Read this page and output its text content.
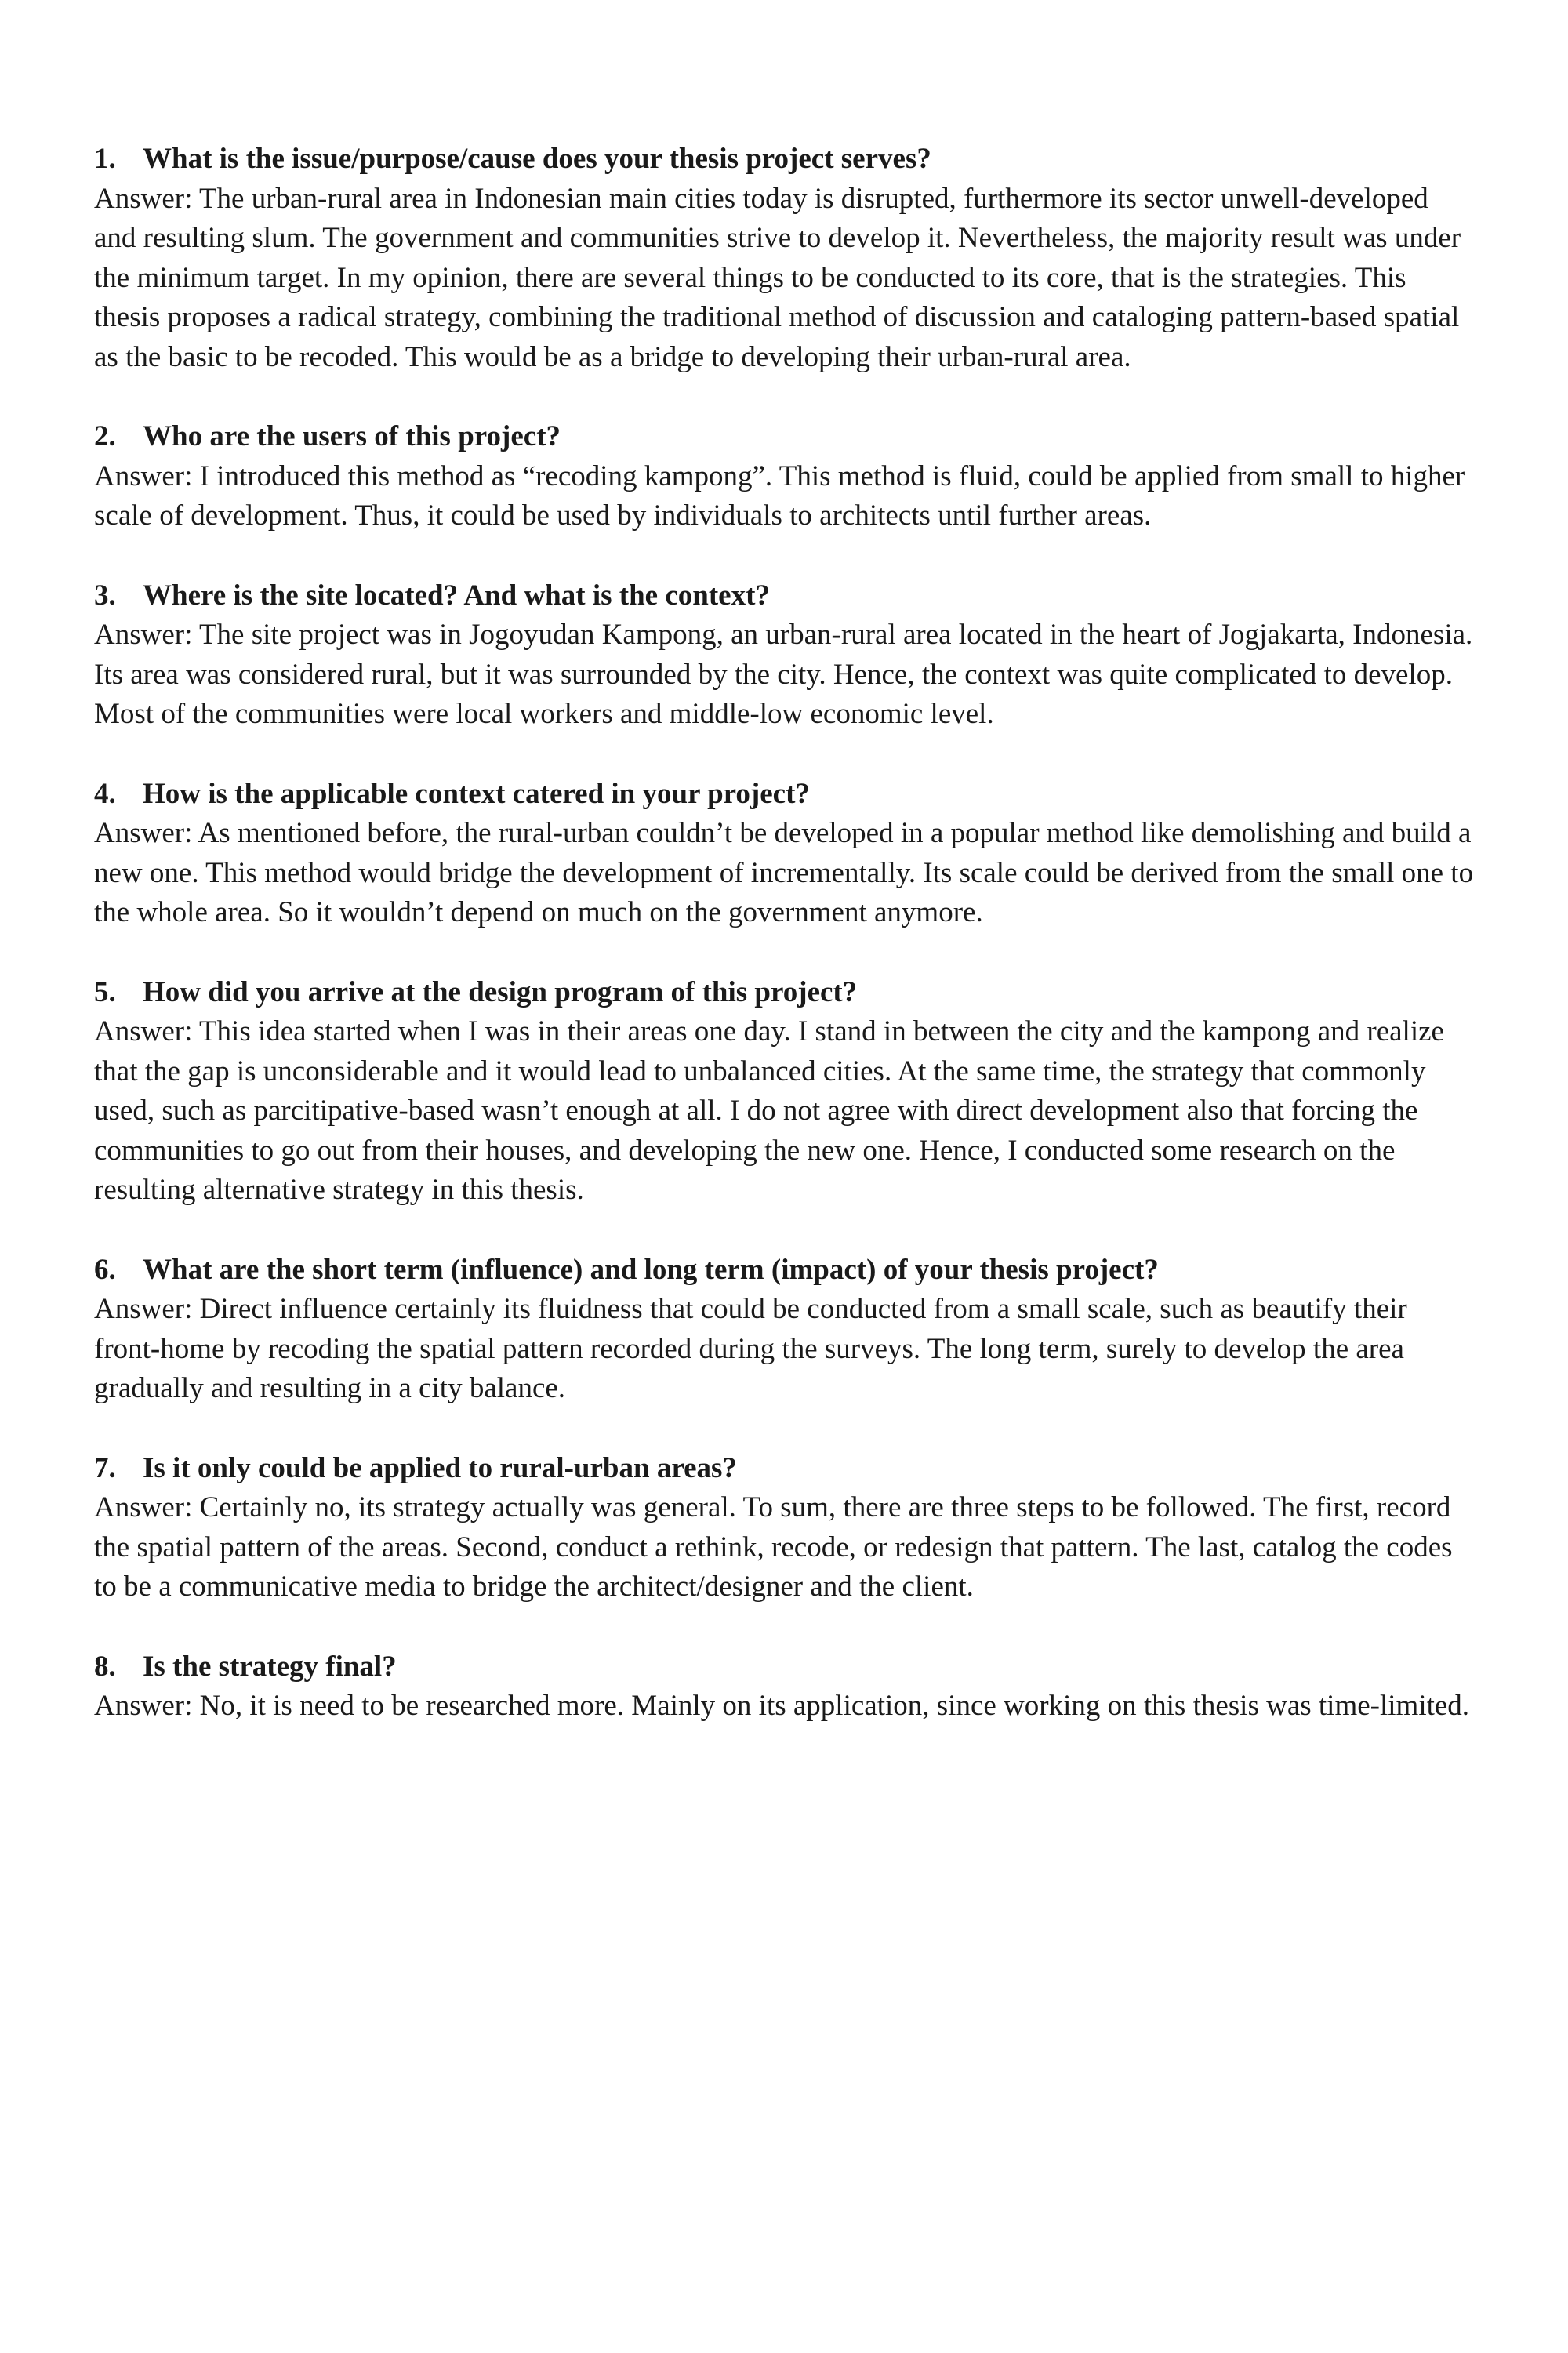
1. What is the issue/purpose/cause does your thesis project serves?

Answer: The urban-rural area in Indonesian main cities today is disrupted, furthermore its sector unwell-developed and resulting slum. The government and communities strive to develop it. Nevertheless, the majority result was under the minimum target. In my opinion, there are several things to be conducted to its core, that is the strategies. This thesis proposes a radical strategy, combining the traditional method of discussion and cataloging pattern-based spatial as the basic to be recoded. This would be as a bridge to developing their urban-rural area.

2. Who are the users of this project?

Answer: I introduced this method as “recoding kampong”. This method is fluid, could be applied from small to higher scale of development. Thus, it could be used by individuals to architects until further areas.

3. Where is the site located? And what is the context?

Answer: The site project was in Jogoyudan Kampong, an urban-rural area located in the heart of Jogjakarta, Indonesia. Its area was considered rural, but it was surrounded by the city. Hence, the context was quite complicated to develop. Most of the communities were local workers and middle-low economic level.

4. How is the applicable context catered in your project?

Answer: As mentioned before, the rural-urban couldn’t be developed in a popular method like demolishing and build a new one. This method would bridge the development of incrementally. Its scale could be derived from the small one to the whole area. So it wouldn’t depend on much on the government anymore.

5. How did you arrive at the design program of this project?

Answer: This idea started when I was in their areas one day. I stand in between the city and the kampong and realize that the gap is unconsiderable and it would lead to unbalanced cities. At the same time, the strategy that commonly used, such as parcitipative-based wasn’t enough at all. I do not agree with direct development also that forcing the communities to go out from their houses, and developing the new one. Hence, I conducted some research on the resulting alternative strategy in this thesis.

6. What are the short term (influence) and long term (impact) of your thesis project?

Answer: Direct influence certainly its fluidness that could be conducted from a small scale, such as beautify their front-home by recoding the spatial pattern recorded during the surveys. The long term, surely to develop the area gradually and resulting in a city balance.

7. Is it only could be applied to rural-urban areas?

Answer: Certainly no, its strategy actually was general. To sum, there are three steps to be followed. The first, record the spatial pattern of the areas. Second, conduct a rethink, recode, or redesign that pattern. The last, catalog the codes to be a communicative media to bridge the architect/designer and the client.

8. Is the strategy final?

Answer: No, it is need to be researched more. Mainly on its application, since working on this thesis was time-limited.
